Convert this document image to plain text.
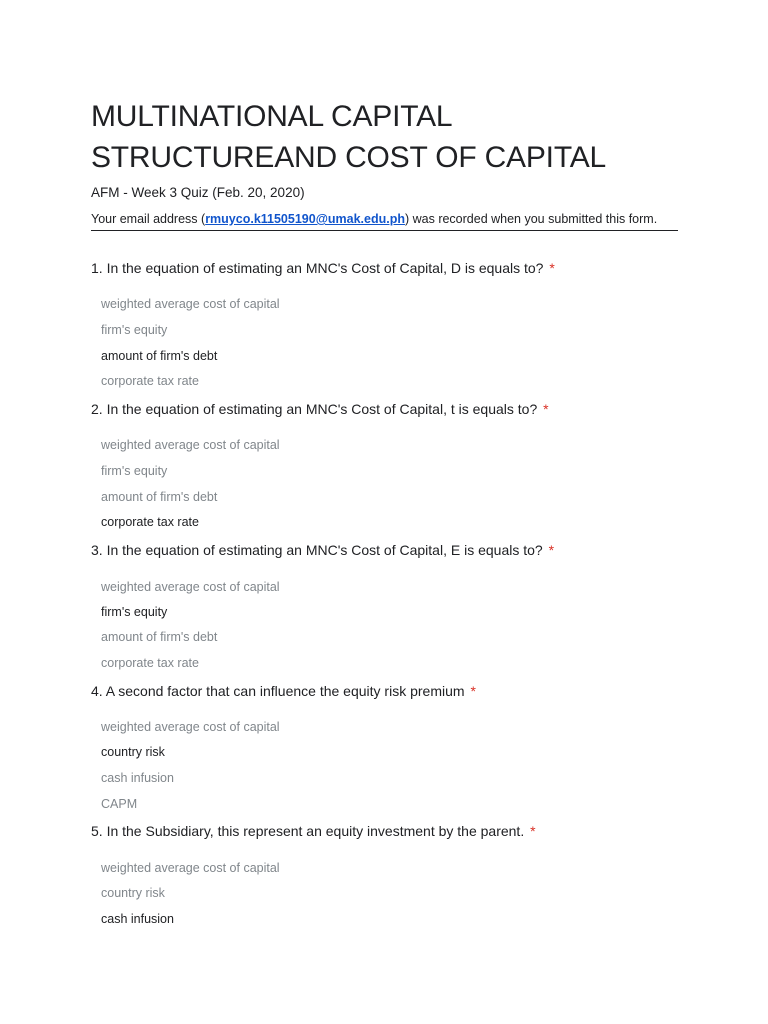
MULTINATIONAL CAPITAL
STRUCTUREAND COST OF CAPITAL
AFM - Week 3 Quiz (Feb. 20, 2020)
Your email address (rmuyco.k11505190@umak.edu.ph) was recorded when you submitted this form.
1. In the equation of estimating an MNC's Cost of Capital, D is equals to? *
weighted average cost of capital
firm's equity
amount of firm's debt
corporate tax rate
2. In the equation of estimating an MNC's Cost of Capital, t is equals to? *
weighted average cost of capital
firm's equity
amount of firm's debt
corporate tax rate
3. In the equation of estimating an MNC's Cost of Capital, E is equals to? *
weighted average cost of capital
firm's equity
amount of firm's debt
corporate tax rate
4. A second factor that can influence the equity risk premium *
weighted average cost of capital
country risk
cash infusion
CAPM
5. In the Subsidiary, this represent an equity investment by the parent. *
weighted average cost of capital
country risk
cash infusion
